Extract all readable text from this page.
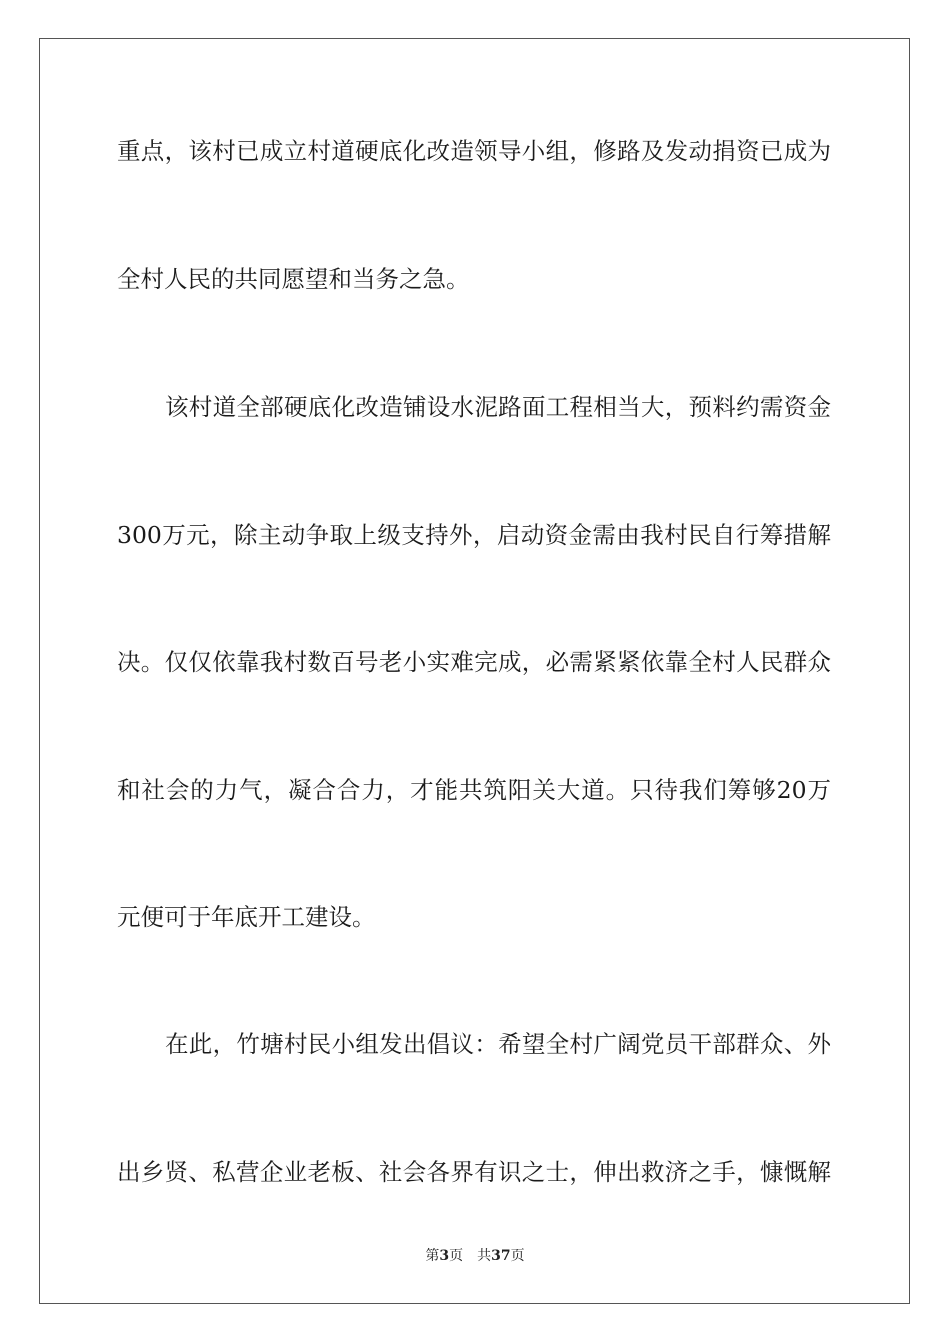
重点，该村已成立村道硬底化改造领导小组，修路及发动捐资已成为
全村人民的共同愿望和当务之急。
该村道全部硬底化改造铺设水泥路面工程相当大，预料约需资金
300万元，除主动争取上级支持外，启动资金需由我村民自行筹措解
决。仅仅依靠我村数百号老小实难完成，必需紧紧依靠全村人民群众
和社会的力气，凝合合力，才能共筑阳关大道。只待我们筹够20万
元便可于年底开工建设。
在此，竹塘村民小组发出倡议：希望全村广阔党员干部群众、外
出乡贤、私营企业老板、社会各界有识之士，伸出救济之手，慷慨解
第3页 共37页
